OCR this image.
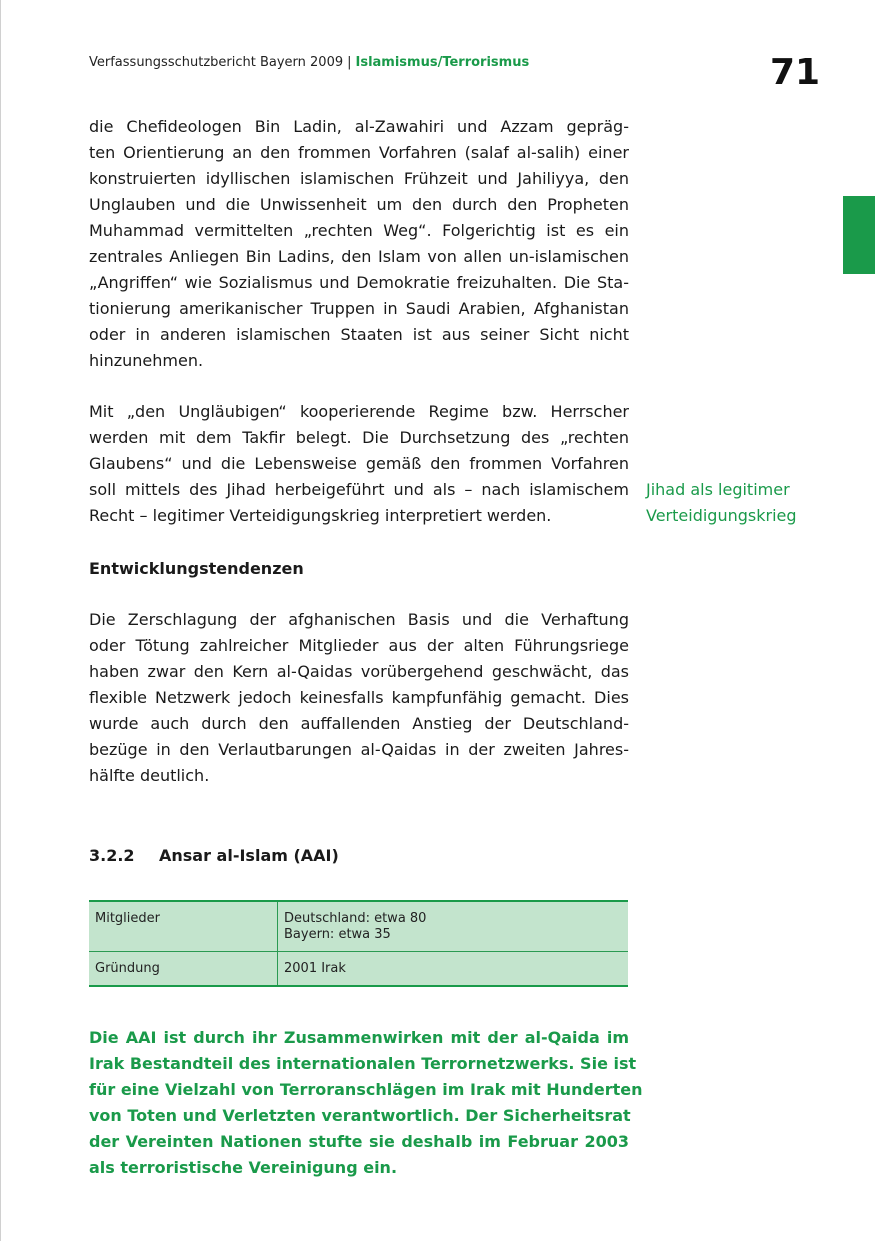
Verfassungsschutzbericht Bayern 2009 | Islamismus/Terrorismus	71
die Chefideologen Bin Ladin, al-Zawahiri und Azzam gepräg-
ten Orientierung an den frommen Vorfahren (salaf al-salih) einer
konstruierten idyllischen islamischen Frühzeit und Jahiliyya, den
Unglauben und die Unwissenheit um den durch den Propheten
Muhammad vermittelten „rechten Weg“. Folgerichtig ist es ein
zentrales Anliegen Bin Ladins, den Islam von allen un-islamischen
„Angriffen“ wie Sozialismus und Demokratie freizuhalten. Die Sta-
tionierung amerikanischer Truppen in Saudi Arabien, Afghanistan
oder in anderen islamischen Staaten ist aus seiner Sicht nicht
hinzunehmen.
Mit „den Ungläubigen“ kooperierende Regime bzw. Herrscher
werden mit dem Takfir belegt. Die Durchsetzung des „rechten
Glaubens“ und die Lebensweise gemäß den frommen Vorfahren
soll mittels des Jihad herbeigeführt und als – nach islamischem
Recht – legitimer Verteidigungskrieg interpretiert werden.
Jihad als legitimer
Verteidigungskrieg
Entwicklungstendenzen
Die Zerschlagung der afghanischen Basis und die Verhaftung
oder Tötung zahlreicher Mitglieder aus der alten Führungsriege
haben zwar den Kern al-Qaidas vorübergehend geschwächt, das
flexible Netzwerk jedoch keinesfalls kampfunfähig gemacht. Dies
wurde auch durch den auffallenden Anstieg der Deutschland-
bezüge in den Verlautbarungen al-Qaidas in der zweiten Jahres-
hälfte deutlich.
3.2.2 Ansar al-Islam (AAI)
Mitglieder	Deutschland: etwa 80
Bayern: etwa 35

Gründung	2001 Irak
Die AAI ist durch ihr Zusammenwirken mit der al-Qaida im
Irak Bestandteil des internationalen Terrornetzwerks. Sie ist
für eine Vielzahl von Terroranschlägen im Irak mit Hunderten
von Toten und Verletzten verantwortlich. Der Sicherheitsrat
der Vereinten Nationen stufte sie deshalb im Februar 2003
als terroristische Vereinigung ein.
